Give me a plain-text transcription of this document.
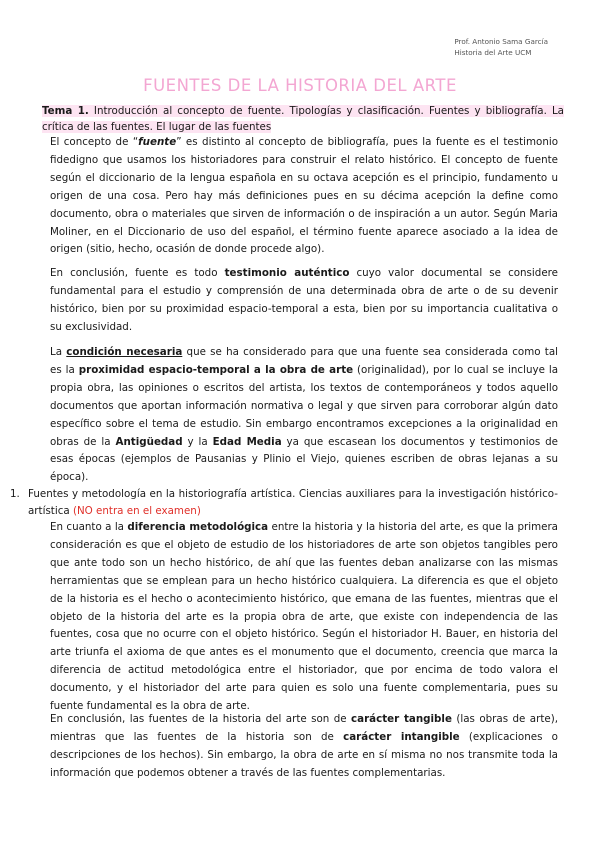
Prof. Antonio Sama García
Historia del Arte UCM
FUENTES DE LA HISTORIA DEL ARTE
Tema 1. Introducción al concepto de fuente. Tipologías y clasificación. Fuentes y bibliografía. La crítica de las fuentes. El lugar de las fuentes
El concepto de “fuente” es distinto al concepto de bibliografía, pues la fuente es el testimonio fidedigno que usamos los historiadores para construir el relato histórico. El concepto de fuente según el diccionario de la lengua española en su octava acepción es el principio, fundamento u origen de una cosa. Pero hay más definiciones pues en su décima acepción la define como documento, obra o materiales que sirven de información o de inspiración a un autor. Según Maria Moliner, en el Diccionario de uso del español, el término fuente aparece asociado a la idea de origen (sitio, hecho, ocasión de donde procede algo).
En conclusión, fuente es todo testimonio auténtico cuyo valor documental se considere fundamental para el estudio y comprensión de una determinada obra de arte o de su devenir histórico, bien por su proximidad espacio-temporal a esta, bien por su importancia cualitativa o su exclusividad.
La condición necesaria que se ha considerado para que una fuente sea considerada como tal es la proximidad espacio-temporal a la obra de arte (originalidad), por lo cual se incluye la propia obra, las opiniones o escritos del artista, los textos de contemporáneos y todos aquello documentos que aportan información normativa o legal y que sirven para corroborar algún dato específico sobre el tema de estudio. Sin embargo encontramos excepciones a la originalidad en obras de la Antigüedad y la Edad Media ya que escasean los documentos y testimonios de esas épocas (ejemplos de Pausanias y Plinio el Viejo, quienes escriben de obras lejanas a su época).
1. Fuentes y metodología en la historiografía artística. Ciencias auxiliares para la investigación histórico-artística (NO entra en el examen)
En cuanto a la diferencia metodológica entre la historia y la historia del arte, es que la primera consideración es que el objeto de estudio de los historiadores de arte son objetos tangibles pero que ante todo son un hecho histórico, de ahí que las fuentes deban analizarse con las mismas herramientas que se emplean para un hecho histórico cualquiera. La diferencia es que el objeto de la historia es el hecho o acontecimiento histórico, que emana de las fuentes, mientras que el objeto de la historia del arte es la propia obra de arte, que existe con independencia de las fuentes, cosa que no ocurre con el objeto histórico. Según el historiador H. Bauer, en historia del arte triunfa el axioma de que antes es el monumento que el documento, creencia que marca la diferencia de actitud metodológica entre el historiador, que por encima de todo valora el documento, y el historiador del arte para quien es solo una fuente complementaria, pues su fuente fundamental es la obra de arte.
En conclusión, las fuentes de la historia del arte son de carácter tangible (las obras de arte), mientras que las fuentes de la historia son de carácter intangible (explicaciones o descripciones de los hechos). Sin embargo, la obra de arte en sí misma no nos transmite toda la información que podemos obtener a través de las fuentes complementarias.
